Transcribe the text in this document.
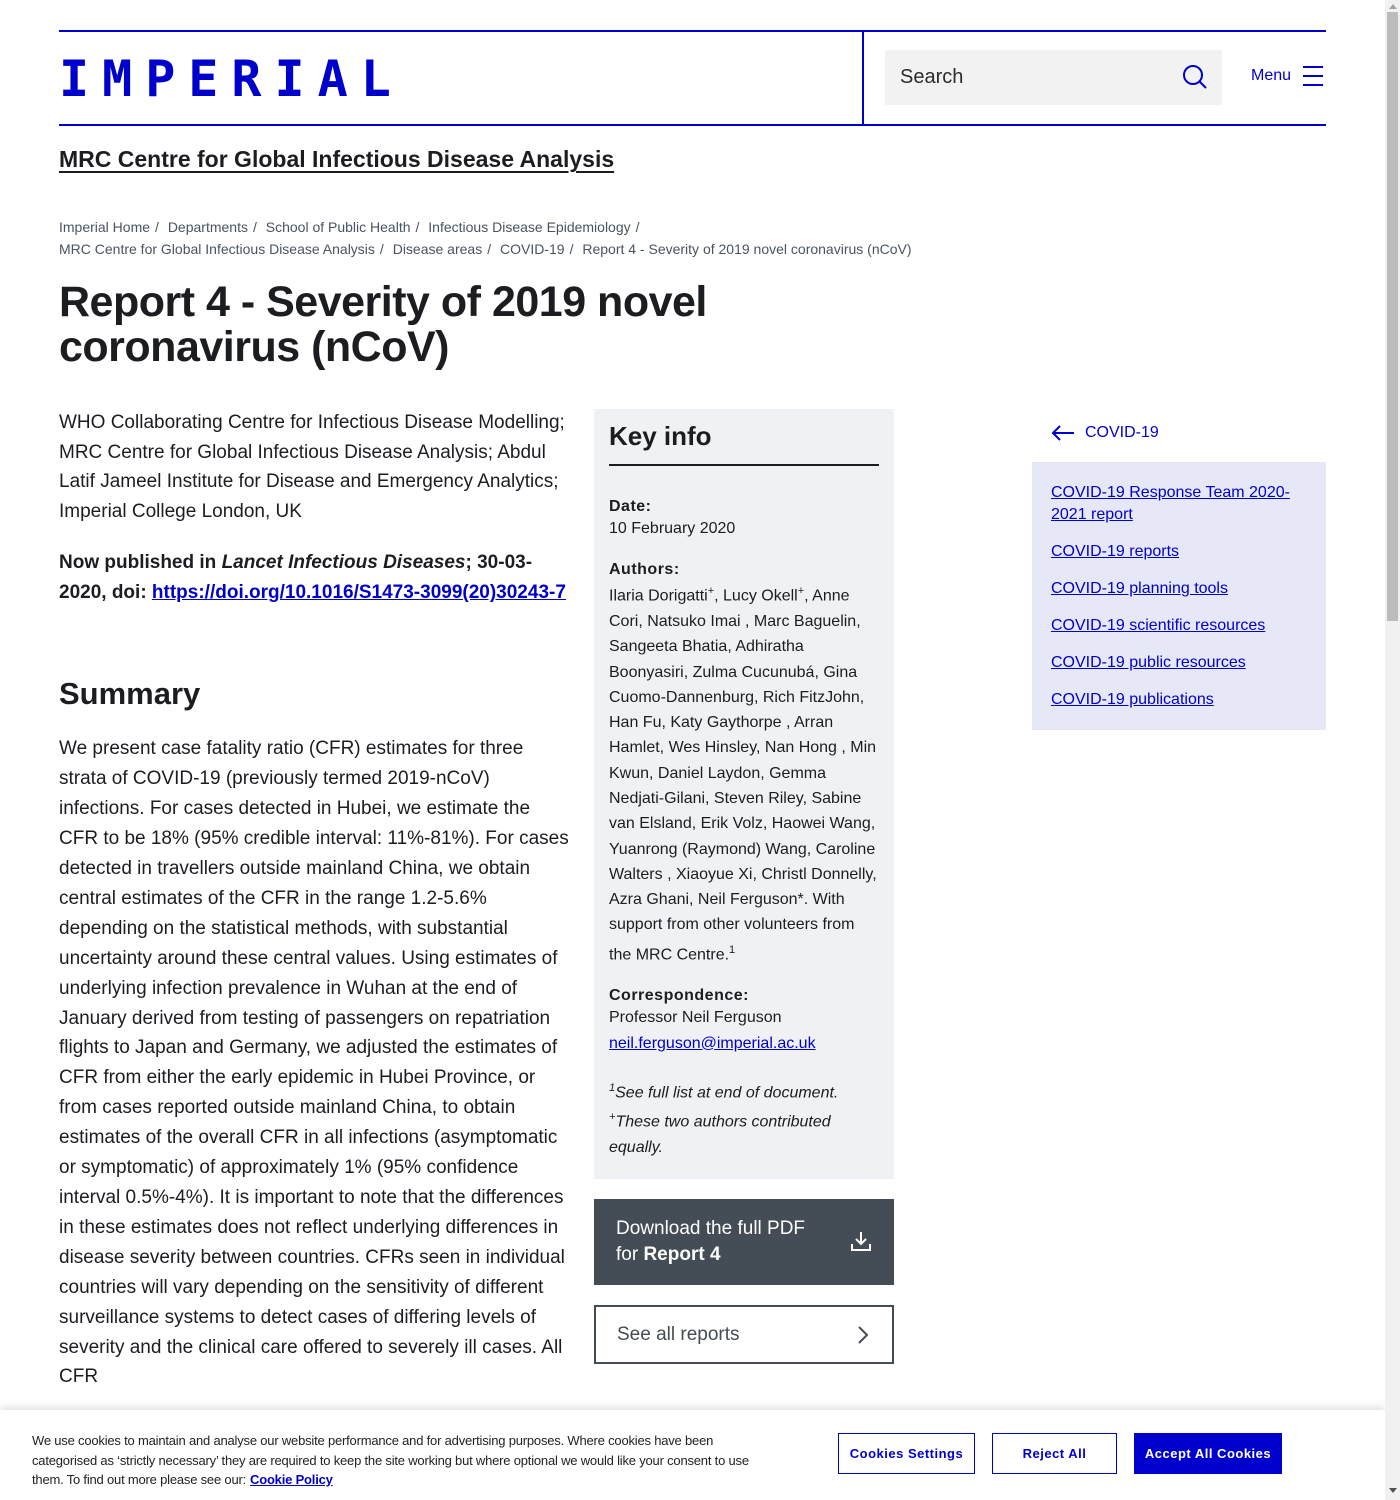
IMPERIAL
Search	Menu
MRC Centre for Global Infectious Disease Analysis
Imperial Home / Departments / School of Public Health / Infectious Disease Epidemiology /
MRC Centre for Global Infectious Disease Analysis / Disease areas / COVID-19 / Report 4 - Severity of 2019 novel coronavirus (nCoV)
Report 4 - Severity of 2019 novel coronavirus (nCoV)

WHO Collaborating Centre for Infectious Disease Modelling; MRC Centre for Global Infectious Disease Analysis; Abdul Latif Jameel Institute for Disease and Emergency Analytics; Imperial College London, UK

Now published in Lancet Infectious Diseases; 30-03-2020, doi: https://doi.org/10.1016/S1473-3099(20)30243-7

Summary

We present case fatality ratio (CFR) estimates for three strata of COVID-19 (previously termed 2019-nCoV) infections. For cases detected in Hubei, we estimate the CFR to be 18% (95% credible interval: 11%-81%). For cases detected in travellers outside mainland China, we obtain central estimates of the CFR in the range 1.2-5.6% depending on the statistical methods, with substantial uncertainty around these central values. Using estimates of underlying infection prevalence in Wuhan at the end of January derived from testing of passengers on repatriation flights to Japan and Germany, we adjusted the estimates of CFR from either the early epidemic in Hubei Province, or from cases reported outside mainland China, to obtain estimates of the overall CFR in all infections (asymptomatic or symptomatic) of approximately 1% (95% confidence interval 0.5%-4%). It is important to note that the differences in these estimates does not reflect underlying differences in disease severity between countries. CFRs seen in individual countries will vary depending on the sensitivity of different surveillance systems to detect cases of differing levels of severity and the clinical care offered to severely ill cases. All CFR

Key info
Date:
10 February 2020
Authors:
Ilaria Dorigatti+, Lucy Okell+, Anne Cori, Natsuko Imai , Marc Baguelin, Sangeeta Bhatia, Adhiratha Boonyasiri, Zulma Cucunubá, Gina Cuomo-Dannenburg, Rich FitzJohn, Han Fu, Katy Gaythorpe , Arran Hamlet, Wes Hinsley, Nan Hong , Min Kwun, Daniel Laydon, Gemma Nedjati-Gilani, Steven Riley, Sabine van Elsland, Erik Volz, Haowei Wang, Yuanrong (Raymond) Wang, Caroline Walters , Xiaoyue Xi, Christl Donnelly, Azra Ghani, Neil Ferguson*. With support from other volunteers from the MRC Centre.$^1$
Correspondence:
Professor Neil Ferguson
neil.ferguson@imperial.ac.uk

$^1$See full list at end of document. +These two authors contributed equally.

Download the full PDF
for Report 4
See all reports
COVID-19
COVID-19 Response Team 2020-2021 report
COVID-19 reports
COVID-19 planning tools
COVID-19 scientific resources
COVID-19 public resources
COVID-19 publications

We use cookies to maintain and analyse our website performance and for advertising purposes. Where cookies have been categorised as ‘strictly necessary’ they are required to keep the site working but where optional we would like your consent to use them. To find out more please see our: Cookie Policy

Cookies Settings	Reject All	Accept All Cookies
